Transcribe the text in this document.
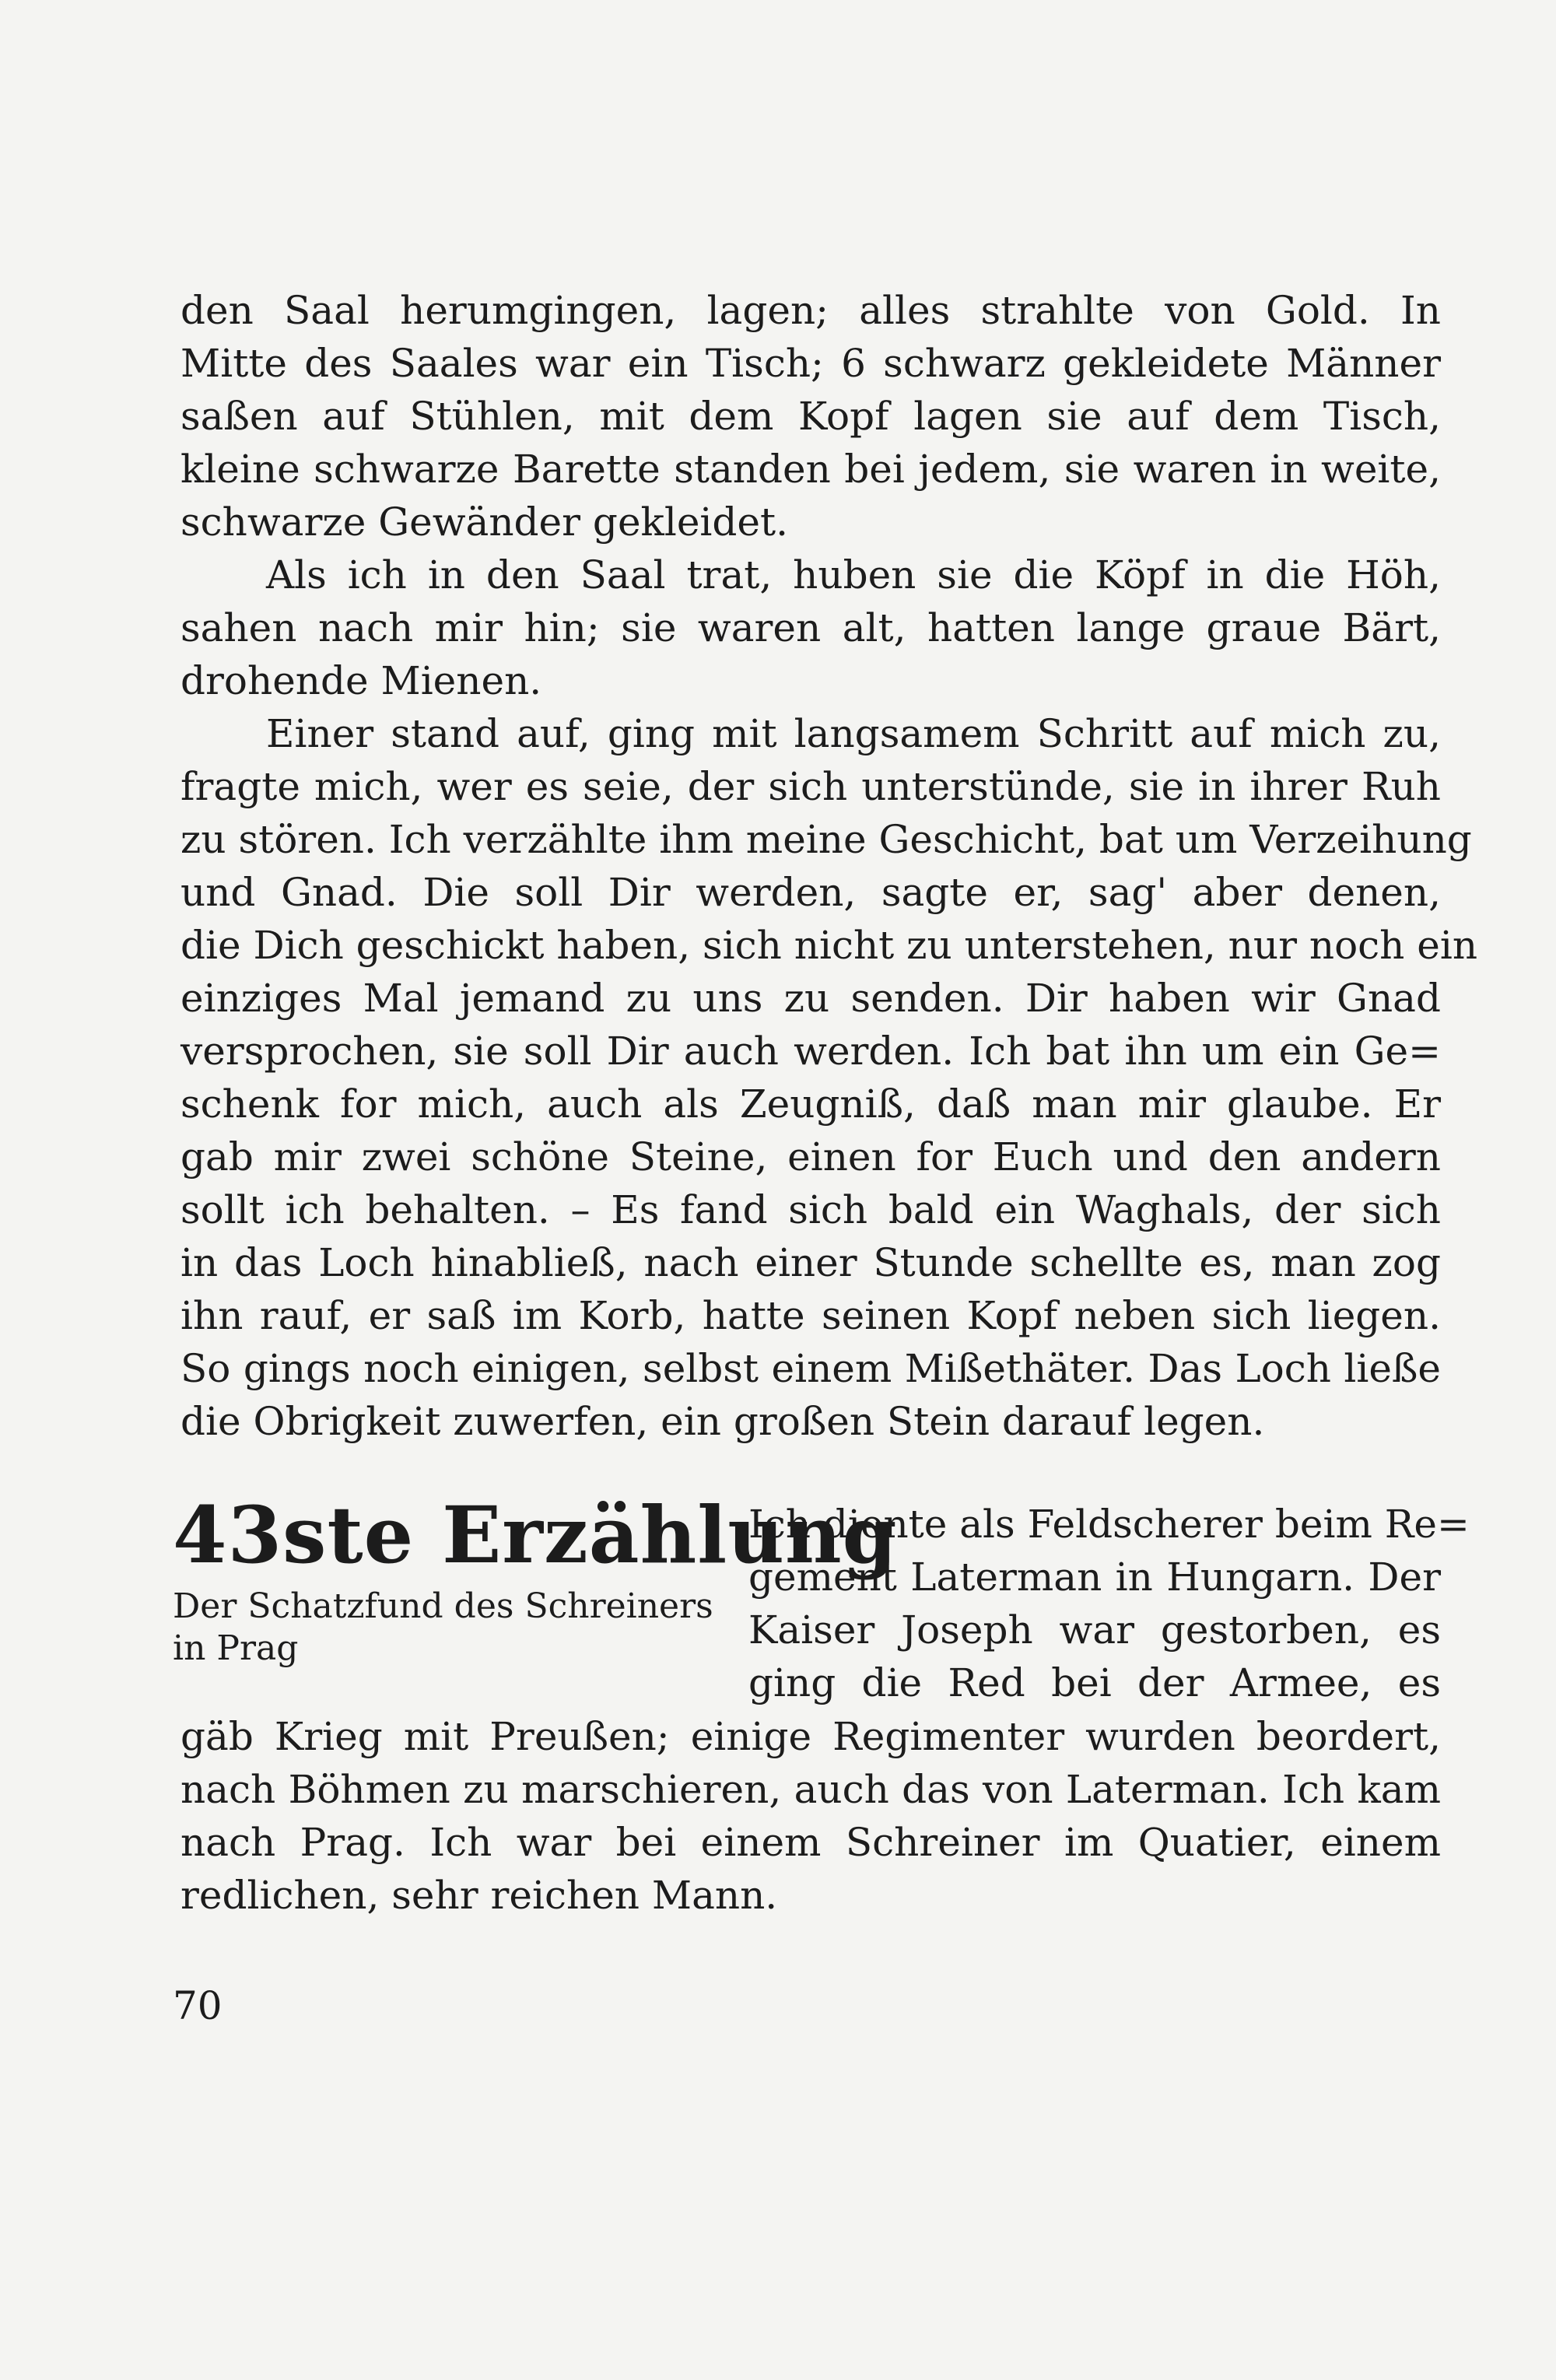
den Saal herumgingen, lagen; alles strahlte von Gold. In
Mitte des Saales war ein Tisch; 6 schwarz gekleidete Männer
saßen auf Stühlen, mit dem Kopf lagen sie auf dem Tisch,
kleine schwarze Barette standen bei jedem, sie waren in weite,
schwarze Gewänder gekleidet.
Als ich in den Saal trat, huben sie die Köpf in die Höh,
sahen nach mir hin; sie waren alt, hatten lange graue Bärt,
drohende Mienen.
Einer stand auf, ging mit langsamem Schritt auf mich zu,
fragte mich, wer es seie, der sich unterstünde, sie in ihrer Ruh
zu stören. Ich verzählte ihm meine Geschicht, bat um Verzeihung
und Gnad. Die soll Dir werden, sagte er, sag' aber denen,
die Dich geschickt haben, sich nicht zu unterstehen, nur noch ein
einziges Mal jemand zu uns zu senden. Dir haben wir Gnad
versprochen, sie soll Dir auch werden. Ich bat ihn um ein Ge=
schenk for mich, auch als Zeugniß, daß man mir glaube. Er
gab mir zwei schöne Steine, einen for Euch und den andern
sollt ich behalten. – Es fand sich bald ein Waghals, der sich
in das Loch hinabließ, nach einer Stunde schellte es, man zog
ihn rauf, er saß im Korb, hatte seinen Kopf neben sich liegen.
So gings noch einigen, selbst einem Mißethäter. Das Loch ließe
die Obrigkeit zuwerfen, ein großen Stein darauf legen.
43ste Erzählung
Der Schatzfund des Schreiners in Prag
Ich diente als Feldscherer beim Re=
gement Laterman in Hungarn. Der
Kaiser Joseph war gestorben, es
ging die Red bei der Armee, es
gäb Krieg mit Preußen; einige Regimenter wurden beordert,
nach Böhmen zu marschieren, auch das von Laterman. Ich kam
nach Prag. Ich war bei einem Schreiner im Quatier, einem
redlichen, sehr reichen Mann.
70
